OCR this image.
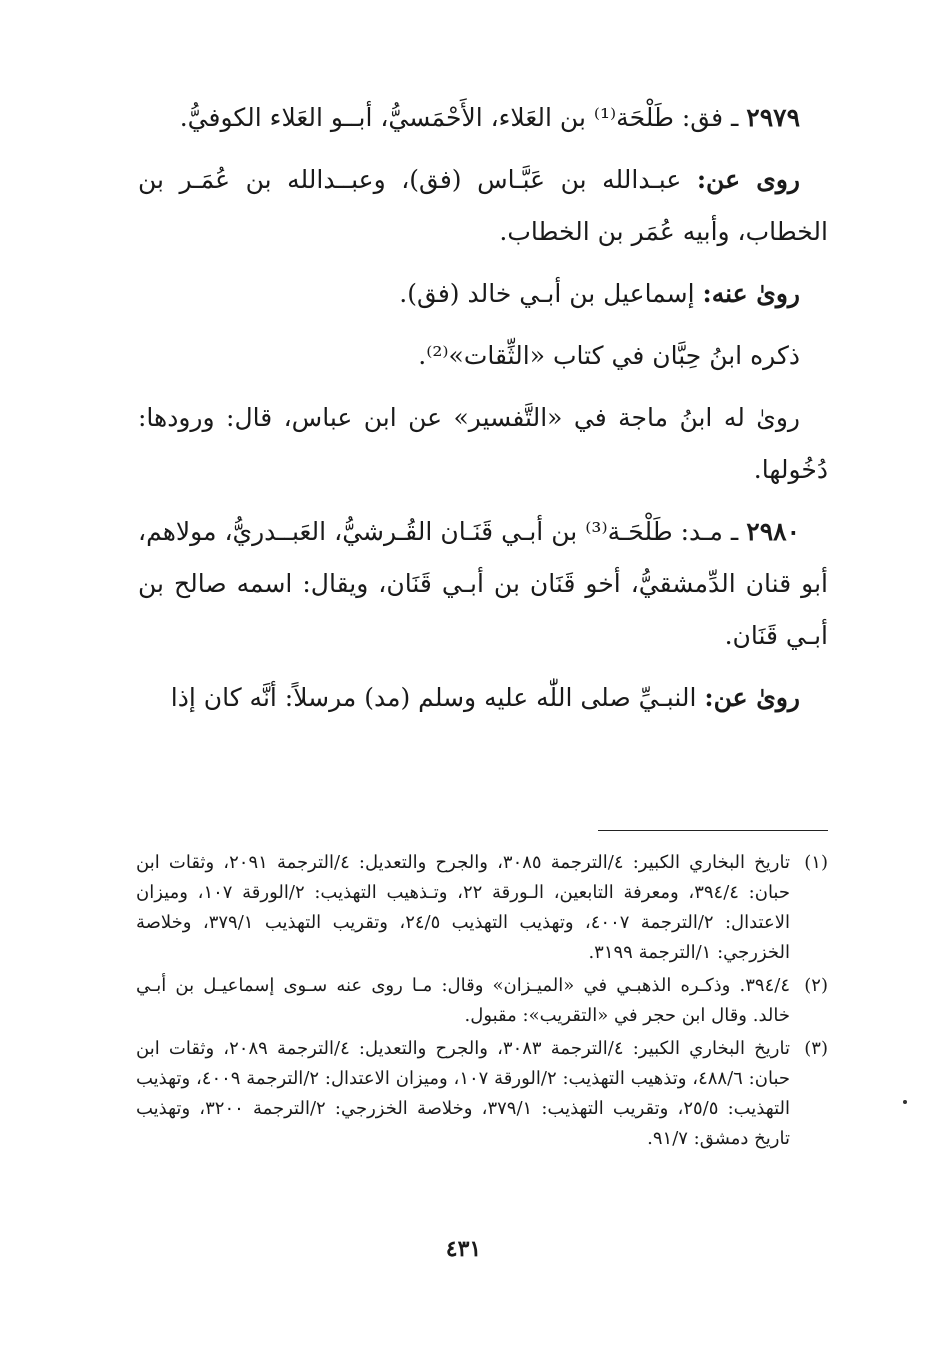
٢٩٧٩ ـ فق: طَلْحَة⁽¹⁾ بن العَلاء، الأَحْمَسيُّ، أبــو العَلاء الكوفيُّ.

روى عن: عبـدالله بن عَبَّـاس (فق)، وعبــدالله بن عُمَـر بن الخطاب، وأبيه عُمَر بن الخطاب.

روىٰ عنه: إسماعيل بن أبـي خالد (فق).

ذكره ابنُ حِبَّان في كتاب «الثِّقات»⁽²⁾.

روىٰ له ابنُ ماجة في «التَّفسير» عن ابن عباس، قال: ورودها: دُخُولها.

٢٩٨٠ ـ مـد: طَلْحَـة⁽³⁾ بن أبـي قَنَـان القُـرشيُّ، العَبــدريُّ، مولاهم، أبو قنان الدِّمشقيُّ، أخو قَنَان بن أبـي قَنَان، ويقال: اسمه صالح بن أبـي قَنَان.

روىٰ عن: النبـيِّ صلى اللّٰه عليه وسلم (مد) مرسلاً: أنَّه كان إذا

(١)
تاريخ البخاري الكبير: ٤/الترجمة ٣٠٨٥، والجرح والتعديل: ٤/الترجمة ٢٠٩١، وثقات ابن حبان: ٣٩٤/٤، ومعرفة التابعين، الـورقة ٢٢، وتـذهيب التهذيب: ٢/الورقة ١٠٧، وميزان الاعتدال: ٢/الترجمة ٤٠٠٧، وتهذيب التهذيب ٢٤/٥، وتقريب التهذيب ٣٧٩/١، وخلاصة الخزرجي: ١/الترجمة ٣١٩٩.
(٢)
٣٩٤/٤. وذكـره الذهبـي في «الميـزان» وقال: مـا روى عنه سـوى إسماعيـل بن أبـي خالد. وقال ابن حجر في «التقريب»: مقبول.
(٣)
تاريخ البخاري الكبير: ٤/الترجمة ٣٠٨٣، والجرح والتعديل: ٤/الترجمة ٢٠٨٩، وثقات ابن حبان: ٤٨٨/٦، وتذهيب التهذيب: ٢/الورقة ١٠٧، وميزان الاعتدال: ٢/الترجمة ٤٠٠٩، وتهذيب التهذيب: ٢٥/٥، وتقريب التهذيب: ٣٧٩/١، وخلاصة الخزرجي: ٢/الترجمة ٣٢٠٠، وتهذيب تاريخ دمشق: ٩١/٧.
٤٣١
